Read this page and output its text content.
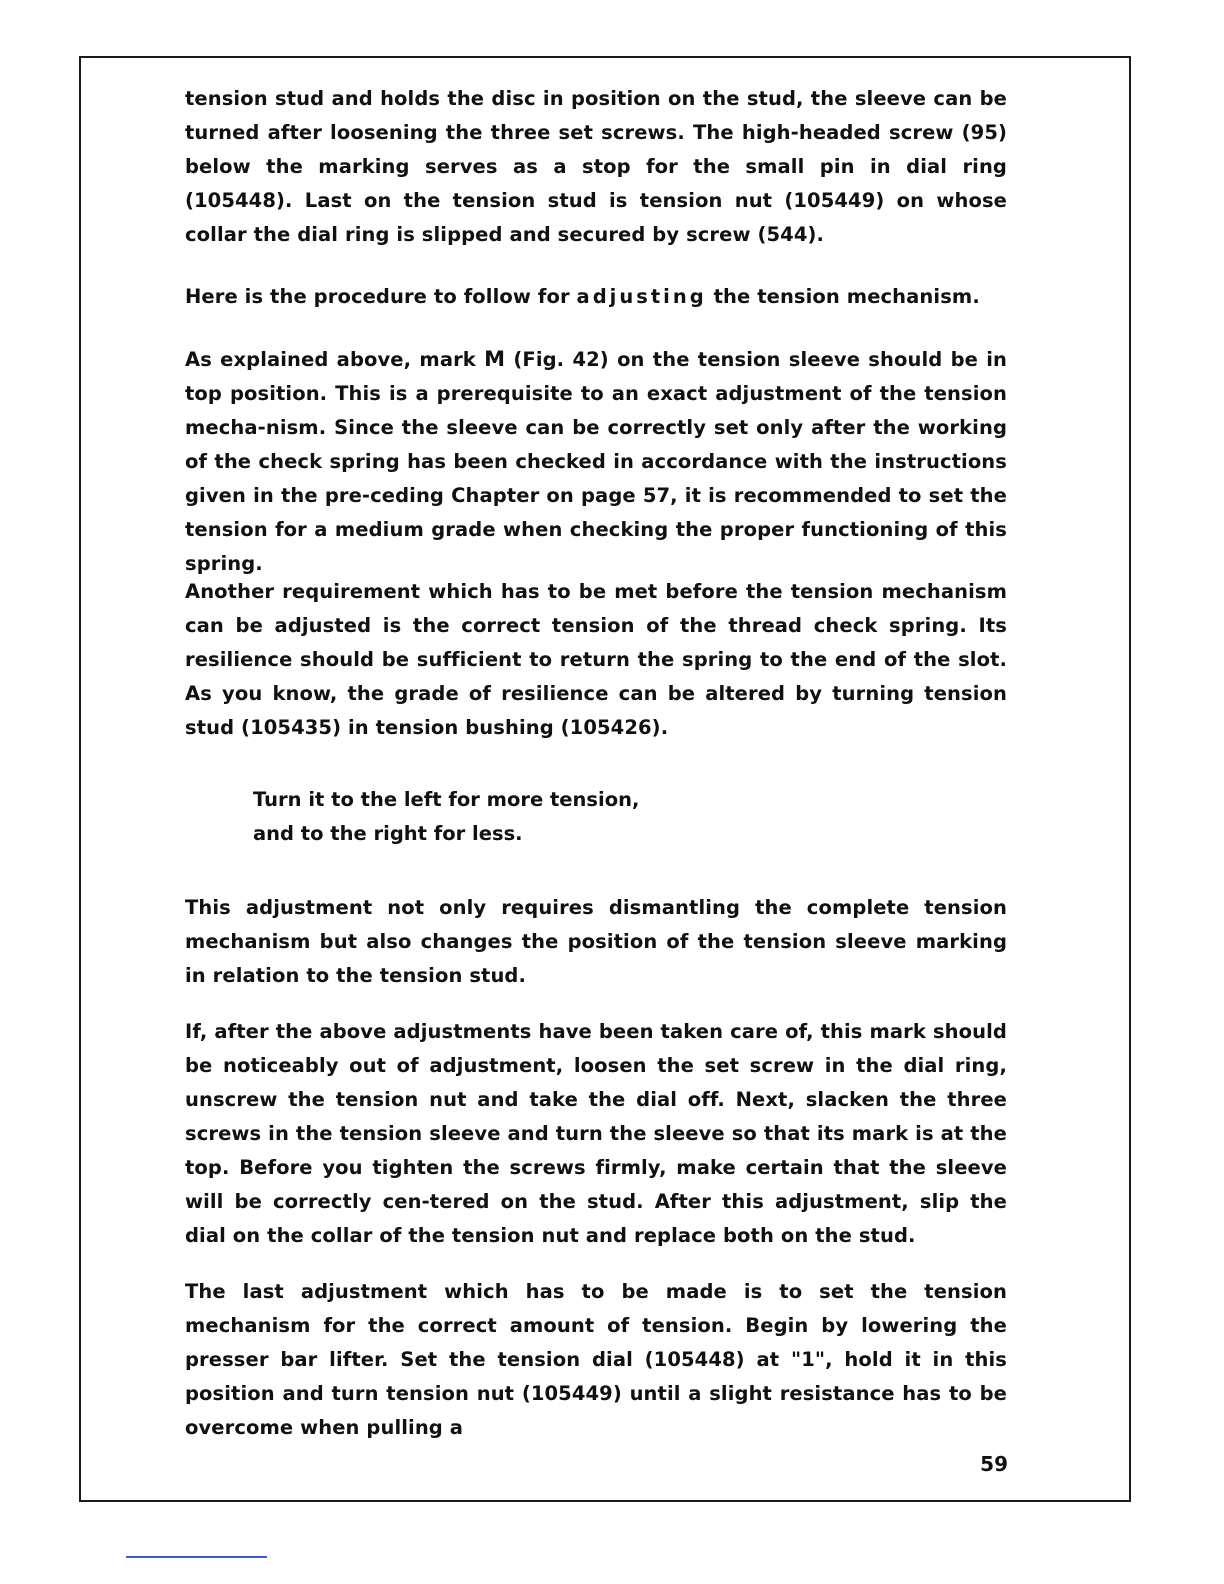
tension stud and holds the disc in position on the stud, the sleeve can be turned after loosening the three set screws. The high-headed screw (95) below the marking serves as a stop for the small pin in dial ring (105448). Last on the tension stud is tension nut (105449) on whose collar the dial ring is slipped and secured by screw (544).
Here is the procedure to follow for adjusting the tension mechanism.
As explained above, mark M (Fig. 42) on the tension sleeve should be in top position. This is a prerequisite to an exact adjustment of the tension mecha-nism. Since the sleeve can be correctly set only after the working of the check spring has been checked in accordance with the instructions given in the pre-ceding Chapter on page 57, it is recommended to set the tension for a medium grade when checking the proper functioning of this spring.
Another requirement which has to be met before the tension mechanism can be adjusted is the correct tension of the thread check spring. Its resilience should be sufficient to return the spring to the end of the slot. As you know, the grade of resilience can be altered by turning tension stud (105435) in tension bushing (105426).
Turn it to the left for more tension,
and to the right for less.
This adjustment not only requires dismantling the complete tension mechanism but also changes the position of the tension sleeve marking in relation to the tension stud.
If, after the above adjustments have been taken care of, this mark should be noticeably out of adjustment, loosen the set screw in the dial ring, unscrew the tension nut and take the dial off. Next, slacken the three screws in the tension sleeve and turn the sleeve so that its mark is at the top. Before you tighten the screws firmly, make certain that the sleeve will be correctly cen-tered on the stud. After this adjustment, slip the dial on the collar of the tension nut and replace both on the stud.
The last adjustment which has to be made is to set the tension mechanism for the correct amount of tension. Begin by lowering the presser bar lifter. Set the tension dial (105448) at "1", hold it in this position and turn tension nut (105449) until a slight resistance has to be overcome when pulling a
59
